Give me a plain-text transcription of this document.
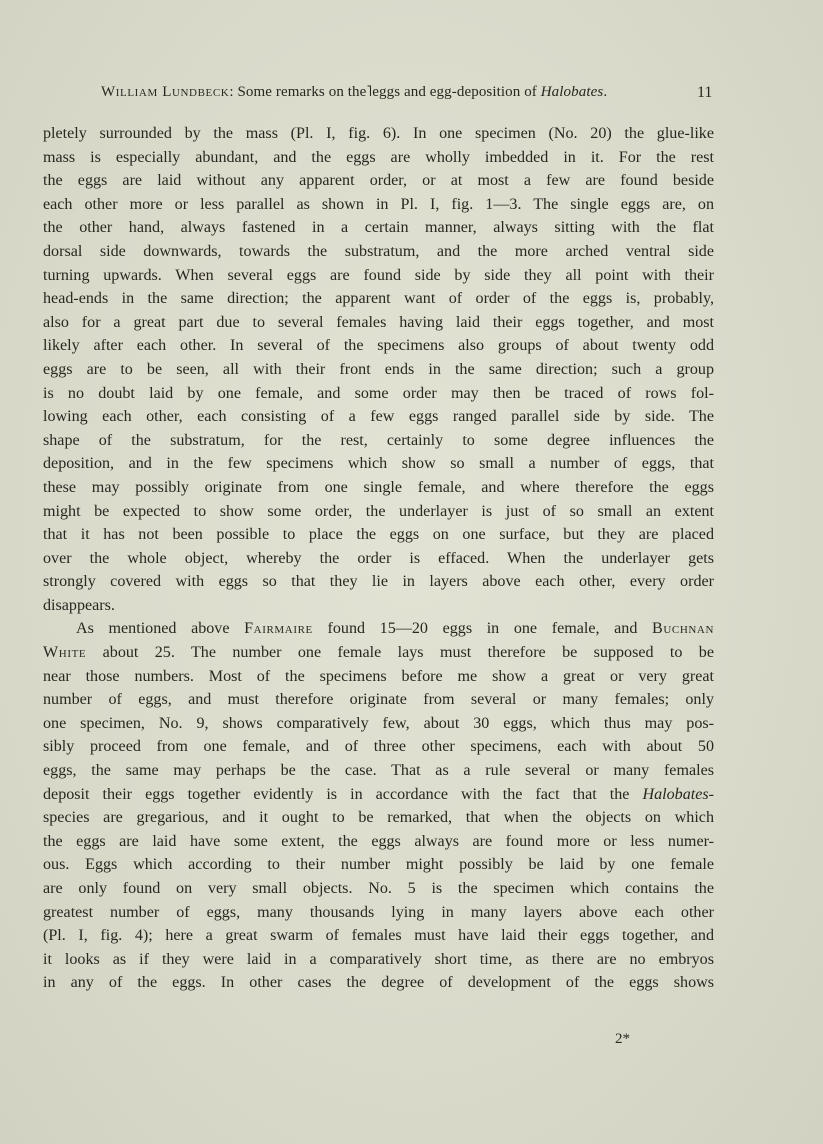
William Lundbeck: Some remarks on the˥eggs and egg-deposition of Halobates.	11
pletely surrounded by the mass (Pl. I, fig. 6). In one specimen (No. 20) the glue-like
mass is especially abundant, and the eggs are wholly imbedded in it. For the rest
the eggs are laid without any apparent order, or at most a few are found beside
each other more or less parallel as shown in Pl. I, fig. 1—3. The single eggs are, on
the other hand, always fastened in a certain manner, always sitting with the flat
dorsal side downwards, towards the substratum, and the more arched ventral side
turning upwards. When several eggs are found side by side they all point with their
head-ends in the same direction; the apparent want of order of the eggs is, probably,
also for a great part due to several females having laid their eggs together, and most
likely after each other. In several of the specimens also groups of about twenty odd
eggs are to be seen, all with their front ends in the same direction; such a group
is no doubt laid by one female, and some order may then be traced of rows fol-
lowing each other, each consisting of a few eggs ranged parallel side by side. The
shape of the substratum, for the rest, certainly to some degree influences the
deposition, and in the few specimens which show so small a number of eggs, that
these may possibly originate from one single female, and where therefore the eggs
might be expected to show some order, the underlayer is just of so small an extent
that it has not been possible to place the eggs on one surface, but they are placed
over the whole object, whereby the order is effaced. When the underlayer gets
strongly covered with eggs so that they lie in layers above each other, every order
disappears.
As mentioned above Fairmaire found 15—20 eggs in one female, and Buchnan
White about 25. The number one female lays must therefore be supposed to be
near those numbers. Most of the specimens before me show a great or very great
number of eggs, and must therefore originate from several or many females; only
one specimen, No. 9, shows comparatively few, about 30 eggs, which thus may pos-
sibly proceed from one female, and of three other specimens, each with about 50
eggs, the same may perhaps be the case. That as a rule several or many females
deposit their eggs together evidently is in accordance with the fact that the Halobates-
species are gregarious, and it ought to be remarked, that when the objects on which
the eggs are laid have some extent, the eggs always are found more or less numer-
ous. Eggs which according to their number might possibly be laid by one female
are only found on very small objects. No. 5 is the specimen which contains the
greatest number of eggs, many thousands lying in many layers above each other
(Pl. I, fig. 4); here a great swarm of females must have laid their eggs together, and
it looks as if they were laid in a comparatively short time, as there are no embryos
in any of the eggs. In other cases the degree of development of the eggs shows
2*
